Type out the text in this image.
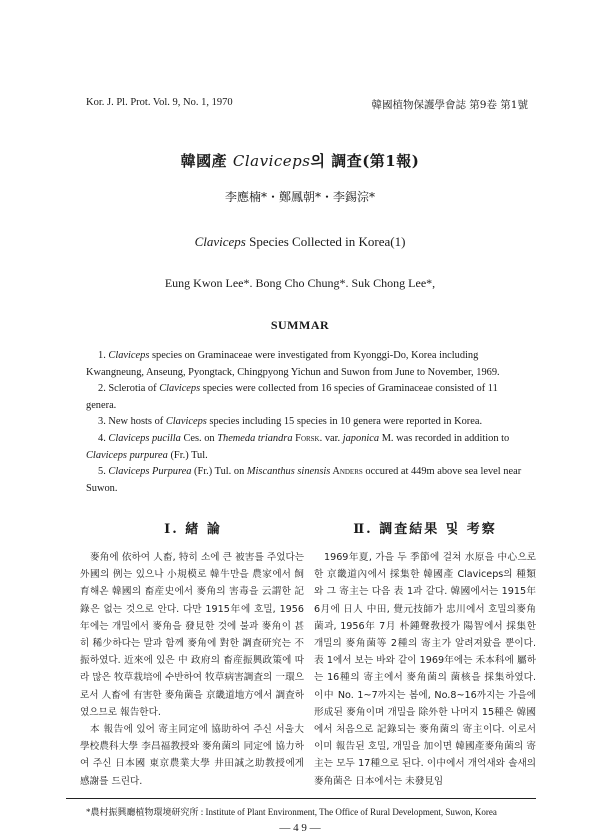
Kor. J. Pl. Prot. Vol. 9, No. 1, 1970	韓國植物保護學會誌 第9卷 第1號
韓國產 Claviceps의 調査(第1報)
李應楠*・鄭鳳朝*・李錫淙*
Claviceps Species Collected in Korea(1)
Eung Kwon Lee*. Bong Cho Chung*. Suk Chong Lee*,
SUMMAR

1. Claviceps species on Graminaceae were investigated from Kyonggi-Do, Korea including Kwangneung, Anseung, Pyongtack, Chingpyong Yichun and Suwon from June to November, 1969.

2. Sclerotia of Claviceps species were collected from 16 species of Graminaceae consisted of 11 genera.

3. New hosts of Claviceps species including 15 species in 10 genera were reported in Korea.

4. Claviceps pucilla Ces. on Themeda triandra Forsk. var. japonica M. was recorded in addition to Claviceps purpurea (Fr.) Tul.

5. Claviceps Purpurea (Fr.) Tul. on Miscanthus sinensis Anders occured at 449m above sea level near Suwon.

Ⅰ. 緖 論	Ⅱ. 調査結果 및 考察

麥角에 依하여 人畜, 特히 소에 큰 被害를 주었다는 外國의 例는 있으나 小規模로 韓牛만을 農家에서 飼育해온 韓國의 畜産史에서 麥角의 害毒을 云謂한 記錄은 없는 것으로 안다. 다만 1915年에 호밀, 1956年에는 개밀에서 麥角을 發見한 것에 불과 麥角이 甚히 稀少하다는 말과 함께 麥角에 對한 調査研究는 不振하였다. 近來에 있은 中 政府의 畜産振興政策에 따라 많은 牧草栽培에 수반하여 牧草病害調査의 一環으로서 人畜에 有害한 麥角菌을 京畿道地方에서 調査하였으므로 報告한다.

本 報告에 있어 寄主同定에 協助하여 주신 서울大學校農科大學 李昌福教授와 麥角菌의 同定에 協力하여 주신 日本國 東京農業大學 井田誠之助教授에게 感謝를 드린다.

1969年夏, 가을 두 季節에 걸쳐 水原을 中心으로한 京畿道內에서 採集한 韓國產 Claviceps의 種類와 그 寄主는 다음 表 1과 같다. 韓國에서는 1915年 6月에 日人 中田, 覺元技師가 忠川에서 호밀의麥角菌과, 1956年 7月 朴鍾聲敎授가 陽智에서 採集한 개밀의 麥角菌等 2種의 寄主가 알려져왔을 뿐이다. 表 1에서 보는 바와 같이 1969年에는 禾本科에 屬하는 16種의 寄主에서 麥角菌의 菌核을 採集하였다. 이中 No. 1~7까지는 봄에, No.8~16까지는 가을에 形成된 麥角이며 개밀을 除外한 나머지 15種은 韓國에서 처음으로 記錄되는 麥角菌의 寄主이다. 이로서 이미 報告된 호밀, 개밀을 加이면 韓國產麥角菌의 寄主는 모두 17種으로 된다. 이中에서 개억새와 솔새의 麥角菌은 日本에서는 未發見임

*農村振興廳植物環境研究所 : Institute of Plant Environment, The Office of Rural Development, Suwon, Korea
— 4 9 —
